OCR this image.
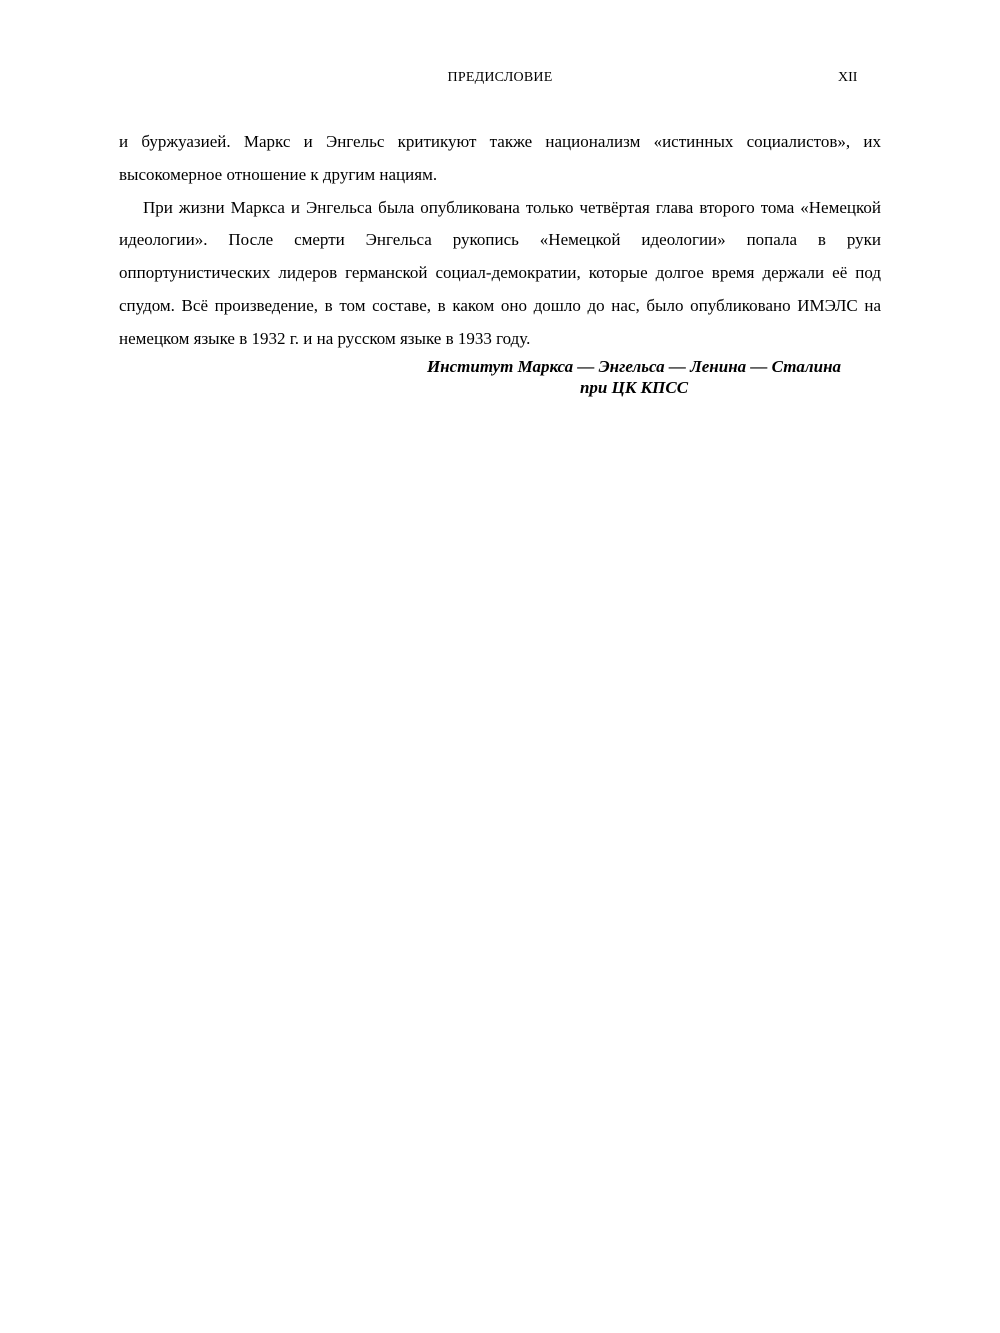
ПРЕДИСЛОВИЕ	XII

и буржуазией. Маркс и Энгельс критикуют также национализм «истинных социалистов», их высокомерное отношение к другим нациям.

При жизни Маркса и Энгельса была опубликована только четвёртая глава второго тома «Немецкой идеологии». После смерти Энгельса рукопись «Немецкой идеологии» попала в руки оппортунистических лидеров германской социал-демократии, которые долгое время держали её под спудом. Всё произведение, в том составе, в каком оно дошло до нас, было опубликовано ИМЭЛС на немецком языке в 1932 г. и на русском языке в 1933 году.

Институт Маркса — Энгельса — Ленина — Сталина
при ЦК КПСС
